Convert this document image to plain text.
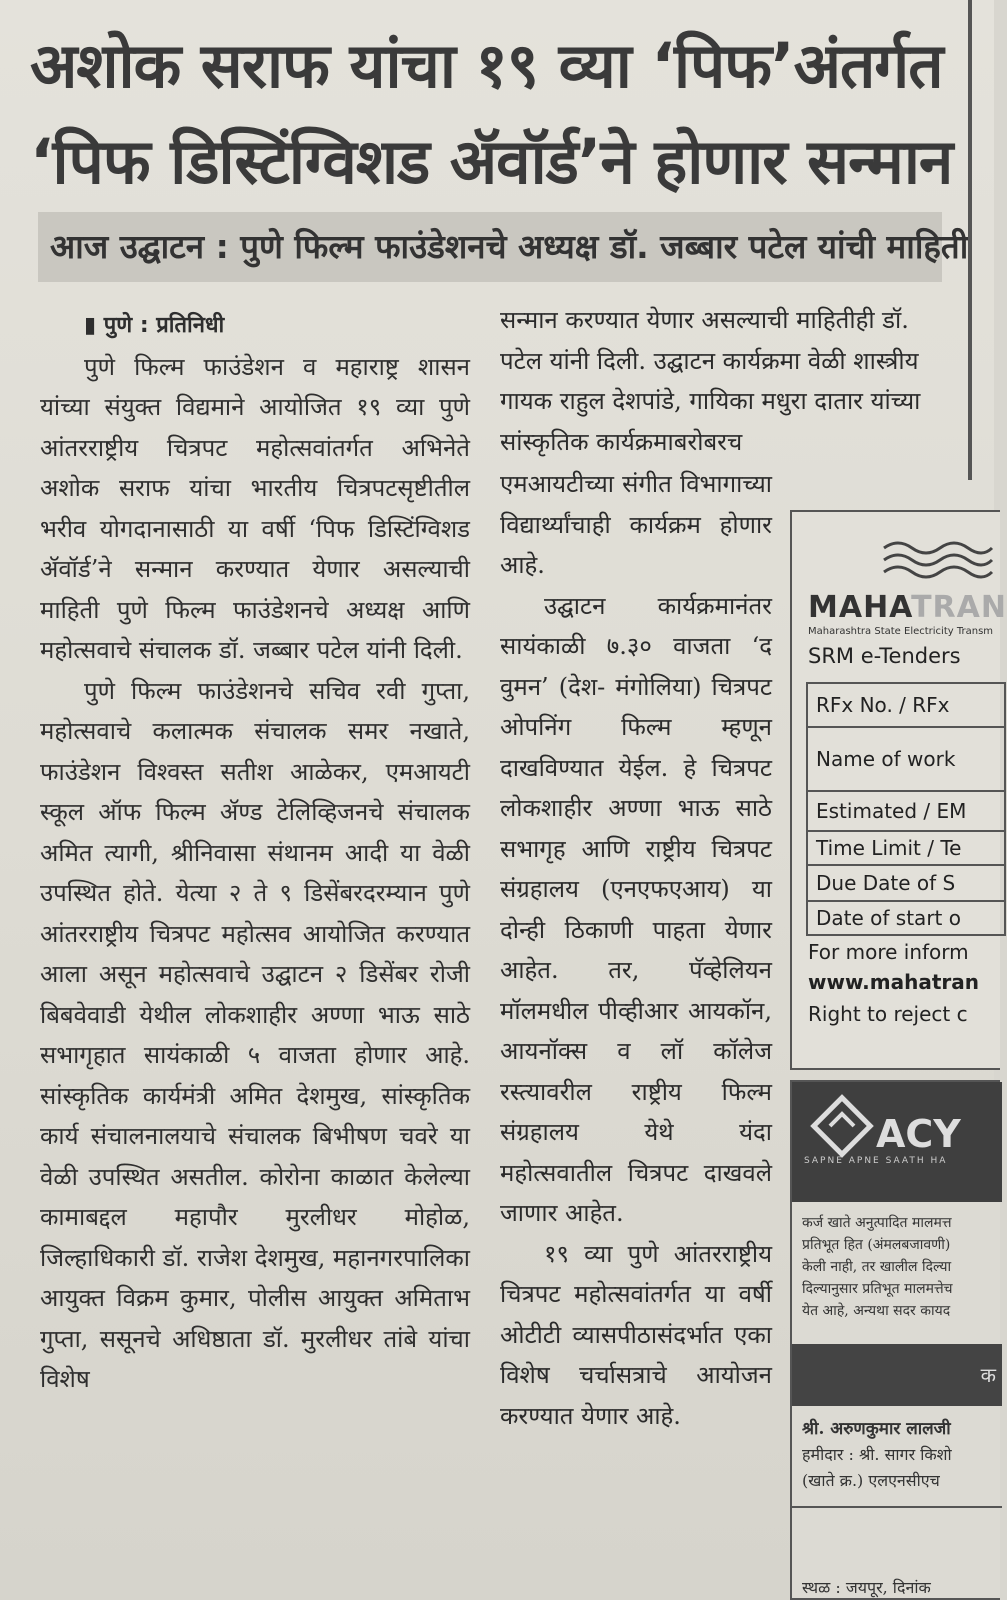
अशोक सराफ यांचा १९ व्या ‘पिफ’अंतर्गत
‘पिफ डिस्टिंग्विशड ॲवॉर्ड’ने होणार सन्मान
आज उद्घाटन : पुणे फिल्म फाउंडेशनचे अध्यक्ष डॉ. जब्बार पटेल यांची माहिती

▮ पुणे : प्रतिनिधी

पुणे फिल्म फाउंडेशन व महाराष्ट्र शासन यांच्या संयुक्त विद्यमाने आयोजित १९ व्या पुणे आंतरराष्ट्रीय चित्रपट महोत्सवांतर्गत अभिनेते अशोक सराफ यांचा भारतीय चित्रपटसृष्टीतील भरीव योगदानासाठी या वर्षी ‘पिफ डिस्टिंग्विशड ॲवॉर्ड’ने सन्मान करण्यात येणार असल्याची माहिती पुणे फिल्म फाउंडेशनचे अध्यक्ष आणि महोत्सवाचे संचालक डॉ. जब्बार पटेल यांनी दिली.

पुणे फिल्म फाउंडेशनचे सचिव रवी गुप्ता, महोत्सवाचे कलात्मक संचालक समर नखाते, फाउंडेशन विश्वस्त सतीश आळेकर, एमआयटी स्कूल ऑफ फिल्म ॲण्ड टेलिव्हिजनचे संचालक अमित त्यागी, श्रीनिवासा संथानम आदी या वेळी उपस्थित होते. येत्या २ ते ९ डिसेंबरदरम्यान पुणे आंतरराष्ट्रीय चित्रपट महोत्सव आयोजित करण्यात आला असून महोत्सवाचे उद्घाटन २ डिसेंबर रोजी बिबवेवाडी येथील लोकशाहीर अण्णा भाऊ साठे सभागृहात सायंकाळी ५ वाजता होणार आहे. सांस्कृतिक कार्यमंत्री अमित देशमुख, सांस्कृतिक कार्य संचालनालयाचे संचालक बिभीषण चवरे या वेळी उपस्थित असतील. कोरोना काळात केलेल्या कामाबद्दल महापौर मुरलीधर मोहोळ, जिल्हाधिकारी डॉ. राजेश देशमुख, महानगरपालिका आयुक्त विक्रम कुमार, पोलीस आयुक्त अमिताभ गुप्ता, ससूनचे अधिष्ठाता डॉ. मुरलीधर तांबे यांचा विशेष

सन्मान करण्यात येणार असल्याची माहितीही डॉ. पटेल यांनी दिली. उद्घाटन कार्यक्रमा वेळी शास्त्रीय गायक राहुल देशपांडे, गायिका मधुरा दातार यांच्या सांस्कृतिक कार्यक्रमाबरोबरच

एमआयटीच्या संगीत विभागाच्या विद्यार्थ्यांचाही कार्यक्रम होणार आहे.

उद्घाटन कार्यक्रमानंतर सायंकाळी ७.३० वाजता ‘द वुमन’ (देश- मंगोलिया) चित्रपट ओपनिंग फिल्म म्हणून दाखविण्यात येईल. हे चित्रपट लोकशाहीर अण्णा भाऊ साठे सभागृह आणि राष्ट्रीय चित्रपट संग्रहालय (एनएफएआय) या दोन्ही ठिकाणी पाहता येणार आहेत. तर, पॅव्हेलियन मॉलमधील पीव्हीआर आयकॉन, आयनॉक्स व लॉ कॉलेज रस्त्यावरील राष्ट्रीय फिल्म संग्रहालय येथे यंदा महोत्सवातील चित्रपट दाखवले जाणार आहेत.

१९ व्या पुणे आंतरराष्ट्रीय चित्रपट महोत्सवांतर्गत या वर्षी ओटीटी व्यासपीठासंदर्भात एका विशेष चर्चासत्राचे आयोजन करण्यात येणार आहे.

MAHATRAN
Maharashtra State Electricity Transm
SRM e-Tenders
RFx No. / RFx
Name of work
Estimated / EM
Time Limit / Te
Due Date of S
Date of start o
For more inform
www.mahatran
Right to reject c
ACY
SAPNE APNE SAATH HA
कर्ज खाते अनुत्पादित मालमत्त
प्रतिभूत हित (अंमलबजावणी)
केली नाही, तर खालील दिल्या
दिल्यानुसार प्रतिभूत मालमत्तेच
येत आहे, अन्यथा सदर कायद
क
श्री. अरुणकुमार लालजी
हमीदार : श्री. सागर किशो
(खाते क्र.) एलएनसीएच
स्थळ : जयपूर, दिनांक
